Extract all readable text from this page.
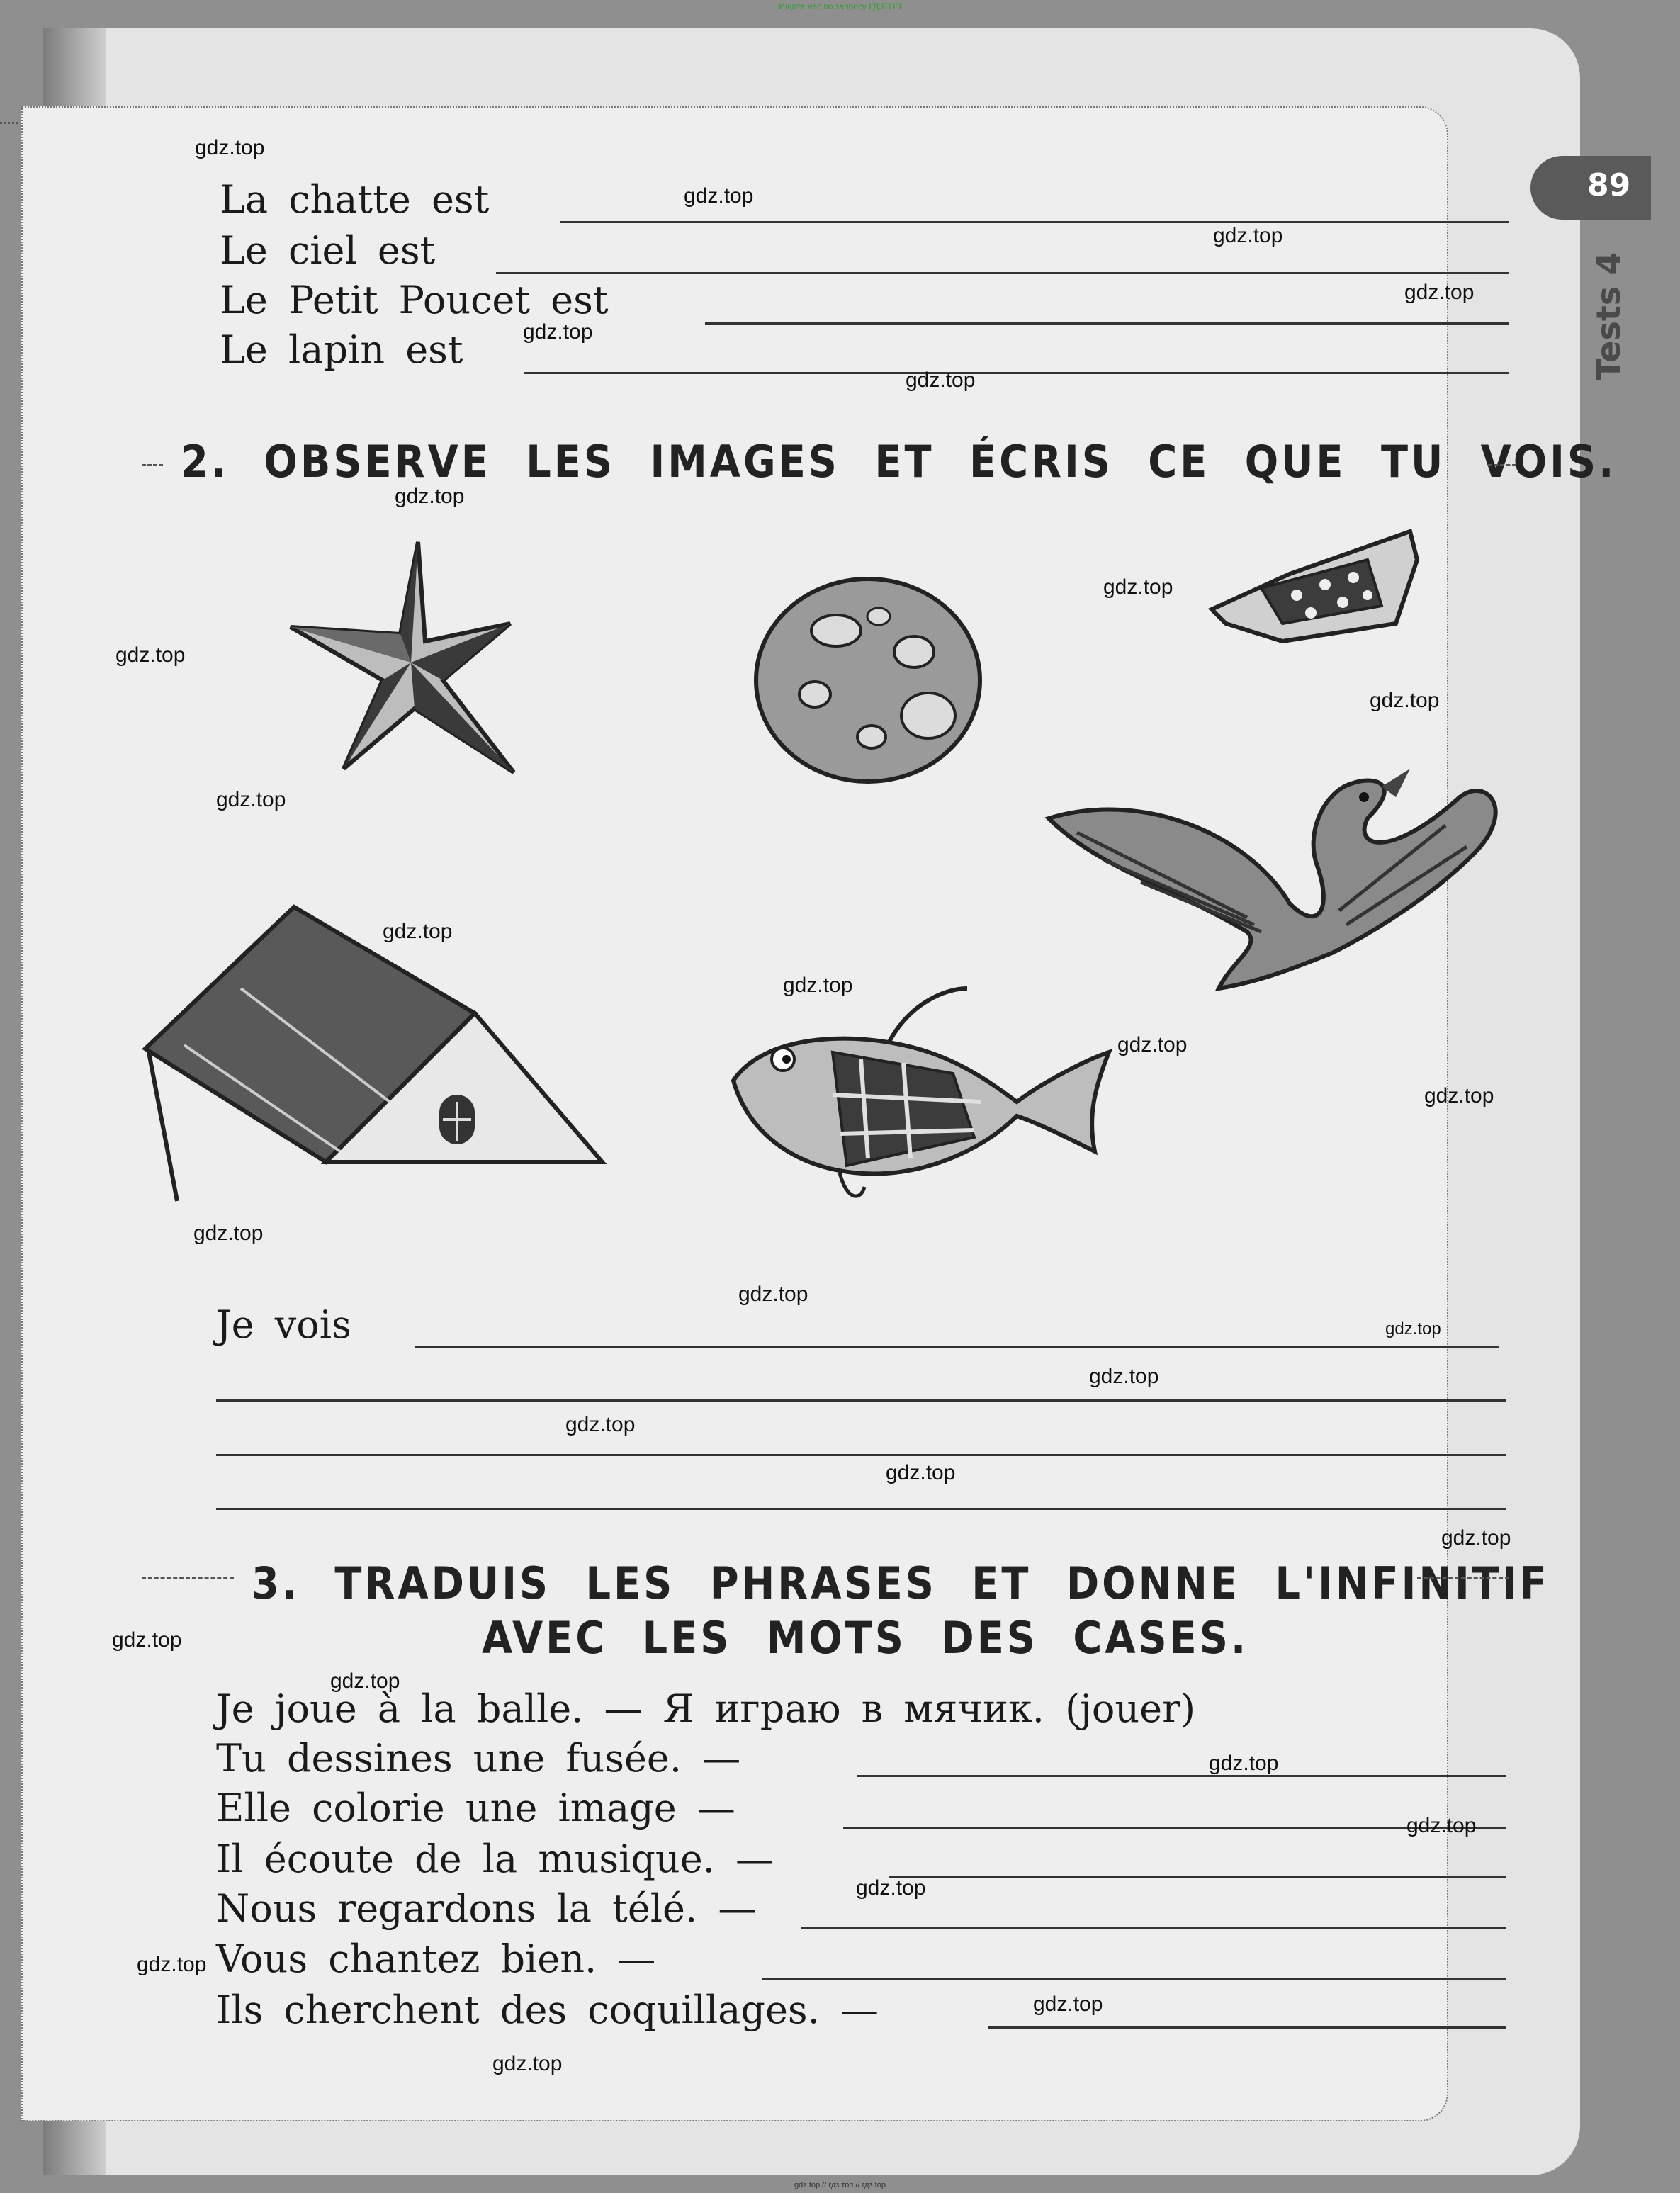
Ищите нас по запросу ГДЗТОП
89
Tests 4
La chatte est
Le ciel est
Le Petit Poucet est
Le lapin est
2. OBSERVE LES IMAGES ET ÉCRIS CE QUE TU VOIS.
Je vois
3. TRADUIS LES PHRASES ET DONNE L'INFINITIF
AVEC LES MOTS DES CASES.
Je joue à la balle. — Я играю в мячик. (jouer)
Tu dessines une fusée. —
Elle colorie une image —
Il écoute de la musique. —
Nous regardons la télé. —
Vous chantez bien. —
Ils cherchent des coquillages. —
gdz.top
gdz.top
gdz.top
gdz.top
gdz.top
gdz.top
gdz.top
gdz.top
gdz.top
gdz.top
gdz.top
gdz.top
gdz.top
gdz.top
gdz.top
gdz.top
gdz.top
gdz.top
gdz.top
gdz.top
gdz.top
gdz.top
gdz.top
gdz.top
gdz.top
gdz.top
gdz.top
gdz.top
gdz.top
gdz.top
gdz.top // гдз топ // гдз.top
